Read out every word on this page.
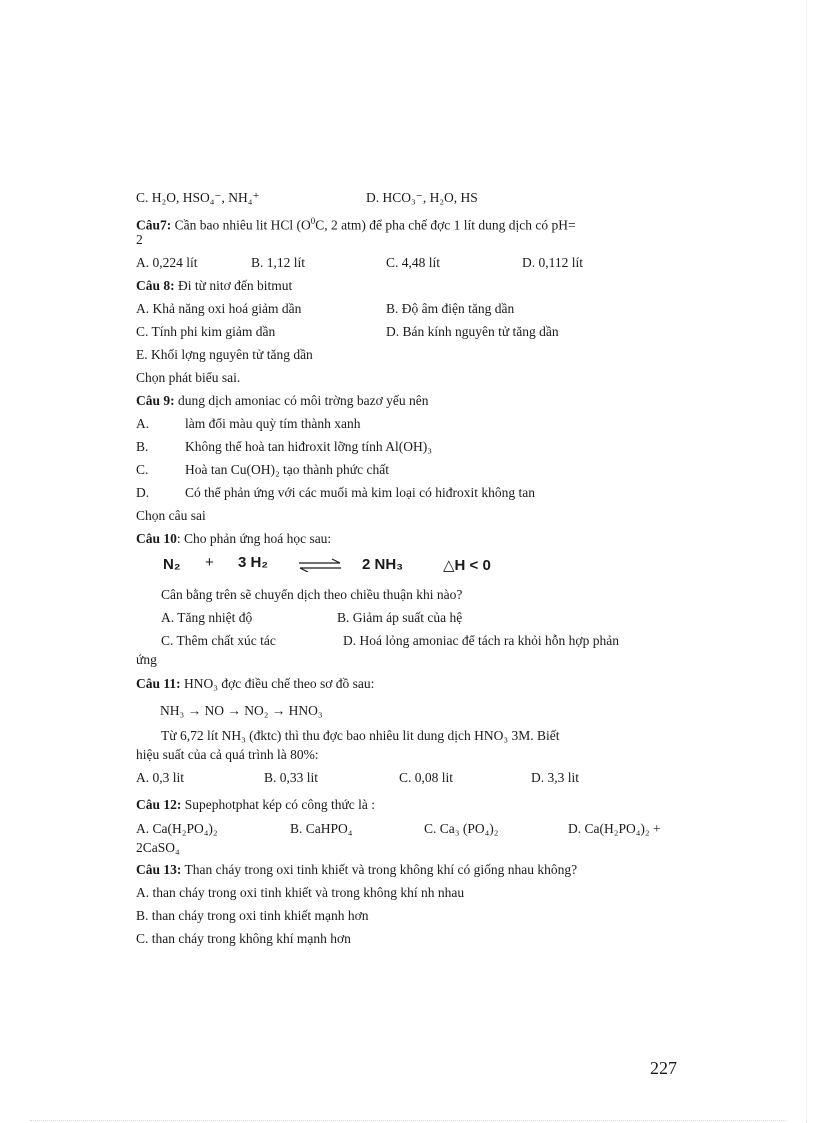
C. H₂O, HSO₄⁻, NH₄⁺	D. HCO₃⁻, H₂O, HS
Câu7: Cần bao nhiêu lit HCl ($O^0C$, 2 atm) để pha chế đợc 1 lít dung dịch có pH=
2
A. 0,224 lít	B. 1,12 lít	C. 4,48 lít	D. 0,112 lít
Câu 8: Đi từ nitơ đến bitmut
A. Khả năng oxi hoá giảm dần	B. Độ âm điện tăng dần
C. Tính phi kim giảm dần	D. Bán kính nguyên tử tăng dần
E. Khối lợng nguyên tử tăng dần
Chọn phát biểu sai.
Câu 9: dung dịch amoniac có môi trờng bazơ yếu nên
A.	làm đổi màu quỳ tím thành xanh
B.	Không thể hoà tan hiđroxit lỡng tính Al(OH)₃
C.	Hoà tan Cu(OH)₂ tạo thành phức chất
D.	Có thể phản ứng với các muối mà kim loại có hiđroxit không tan
Chọn câu sai
Câu 10: Cho phản ứng hoá học sau:
N₂ + 3 H₂ ⇌ 2 NH₃	△H < 0
Cân bằng trên sẽ chuyển dịch theo chiều thuận khi nào?
A. Tăng nhiệt độ	B. Giảm áp suất của hệ
C. Thêm chất xúc tác	D. Hoá lỏng amoniac để tách ra khỏi hỗn hợp phản
ứng
Câu 11: HNO₃ đợc điều chế theo sơ đồ sau:
NH₃ → NO → NO₂ → HNO₃
Từ 6,72 lít NH₃ (đktc) thì thu đợc bao nhiêu lit dung dịch HNO₃ 3M. Biết
hiệu suất của cả quá trình là 80%:
A. 0,3 lit	B. 0,33 lit	C. 0,08 lit	D. 3,3 lit
Câu 12: Supephotphat kép có công thức là :
A. Ca(H₂PO₄)₂	B. CaHPO₄	C. Ca₃ (PO₄)₂	D. Ca(H₂PO₄)₂ +
2CaSO₄
Câu 13: Than cháy trong oxi tinh khiết và trong không khí có giống nhau không?
A. than cháy trong oxi tinh khiết và trong không khí nh nhau
B. than cháy trong oxi tinh khiết mạnh hơn
C. than cháy trong không khí mạnh hơn
227
